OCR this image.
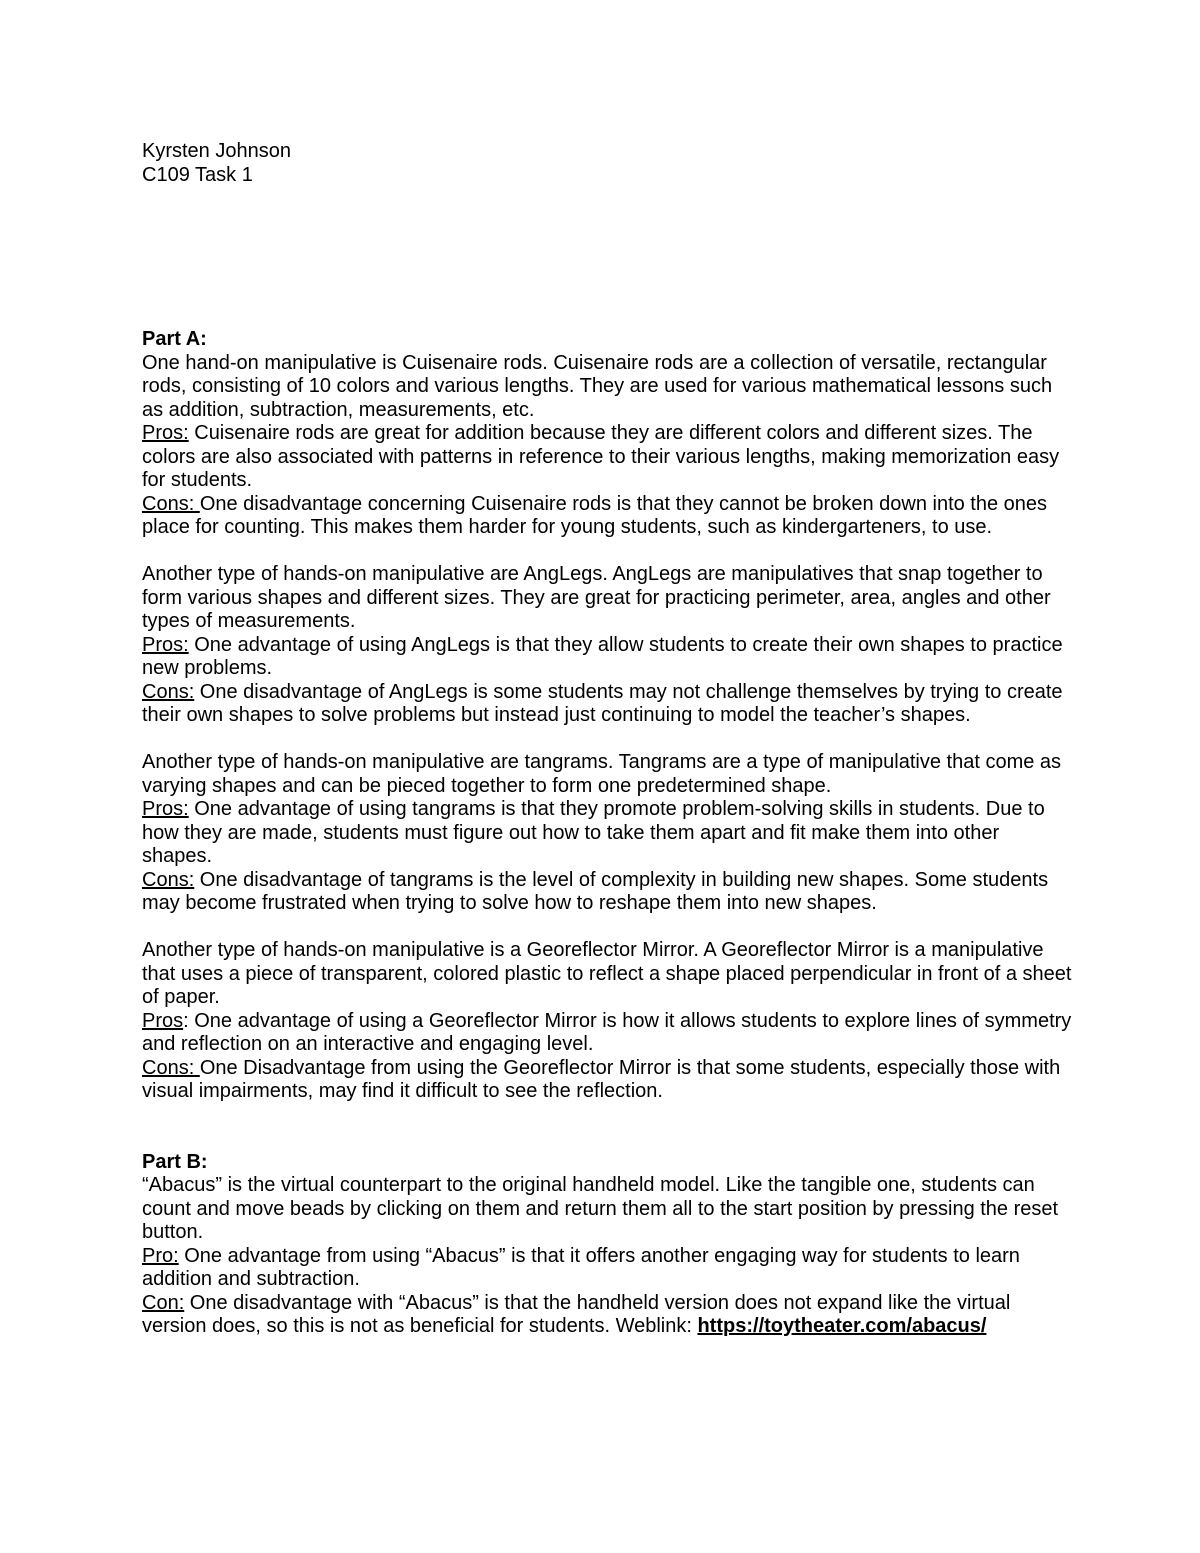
Kyrsten Johnson
C109 Task 1
Part A:

One hand-on manipulative is Cuisenaire rods. Cuisenaire rods are a collection of versatile, rectangular rods, consisting of 10 colors and various lengths. They are used for various mathematical lessons such as addition, subtraction, measurements, etc.

Pros: Cuisenaire rods are great for addition because they are different colors and different sizes. The colors are also associated with patterns in reference to their various lengths, making memorization easy for students.

Cons: One disadvantage concerning Cuisenaire rods is that they cannot be broken down into the ones place for counting. This makes them harder for young students, such as kindergarteners, to use.

Another type of hands-on manipulative are AngLegs. AngLegs are manipulatives that snap together to form various shapes and different sizes. They are great for practicing perimeter, area, angles and other types of measurements.

Pros: One advantage of using AngLegs is that they allow students to create their own shapes to practice new problems.

Cons: One disadvantage of AngLegs is some students may not challenge themselves by trying to create their own shapes to solve problems but instead just continuing to model the teacher’s shapes.

Another type of hands-on manipulative are tangrams. Tangrams are a type of manipulative that come as varying shapes and can be pieced together to form one predetermined shape.

Pros: One advantage of using tangrams is that they promote problem-solving skills in students. Due to how they are made, students must figure out how to take them apart and fit make them into other shapes.

Cons: One disadvantage of tangrams is the level of complexity in building new shapes. Some students may become frustrated when trying to solve how to reshape them into new shapes.

Another type of hands-on manipulative is a Georeflector Mirror. A Georeflector Mirror is a manipulative that uses a piece of transparent, colored plastic to reflect a shape placed perpendicular in front of a sheet of paper.

Pros: One advantage of using a Georeflector Mirror is how it allows students to explore lines of symmetry and reflection on an interactive and engaging level.

Cons: One Disadvantage from using the Georeflector Mirror is that some students, especially those with visual impairments, may find it difficult to see the reflection.

Part B:

“Abacus” is the virtual counterpart to the original handheld model. Like the tangible one, students can count and move beads by clicking on them and return them all to the start position by pressing the reset button.

Pro: One advantage from using “Abacus” is that it offers another engaging way for students to learn addition and subtraction.

Con: One disadvantage with “Abacus” is that the handheld version does not expand like the virtual version does, so this is not as beneficial for students. Weblink: https://toytheater.com/abacus/
